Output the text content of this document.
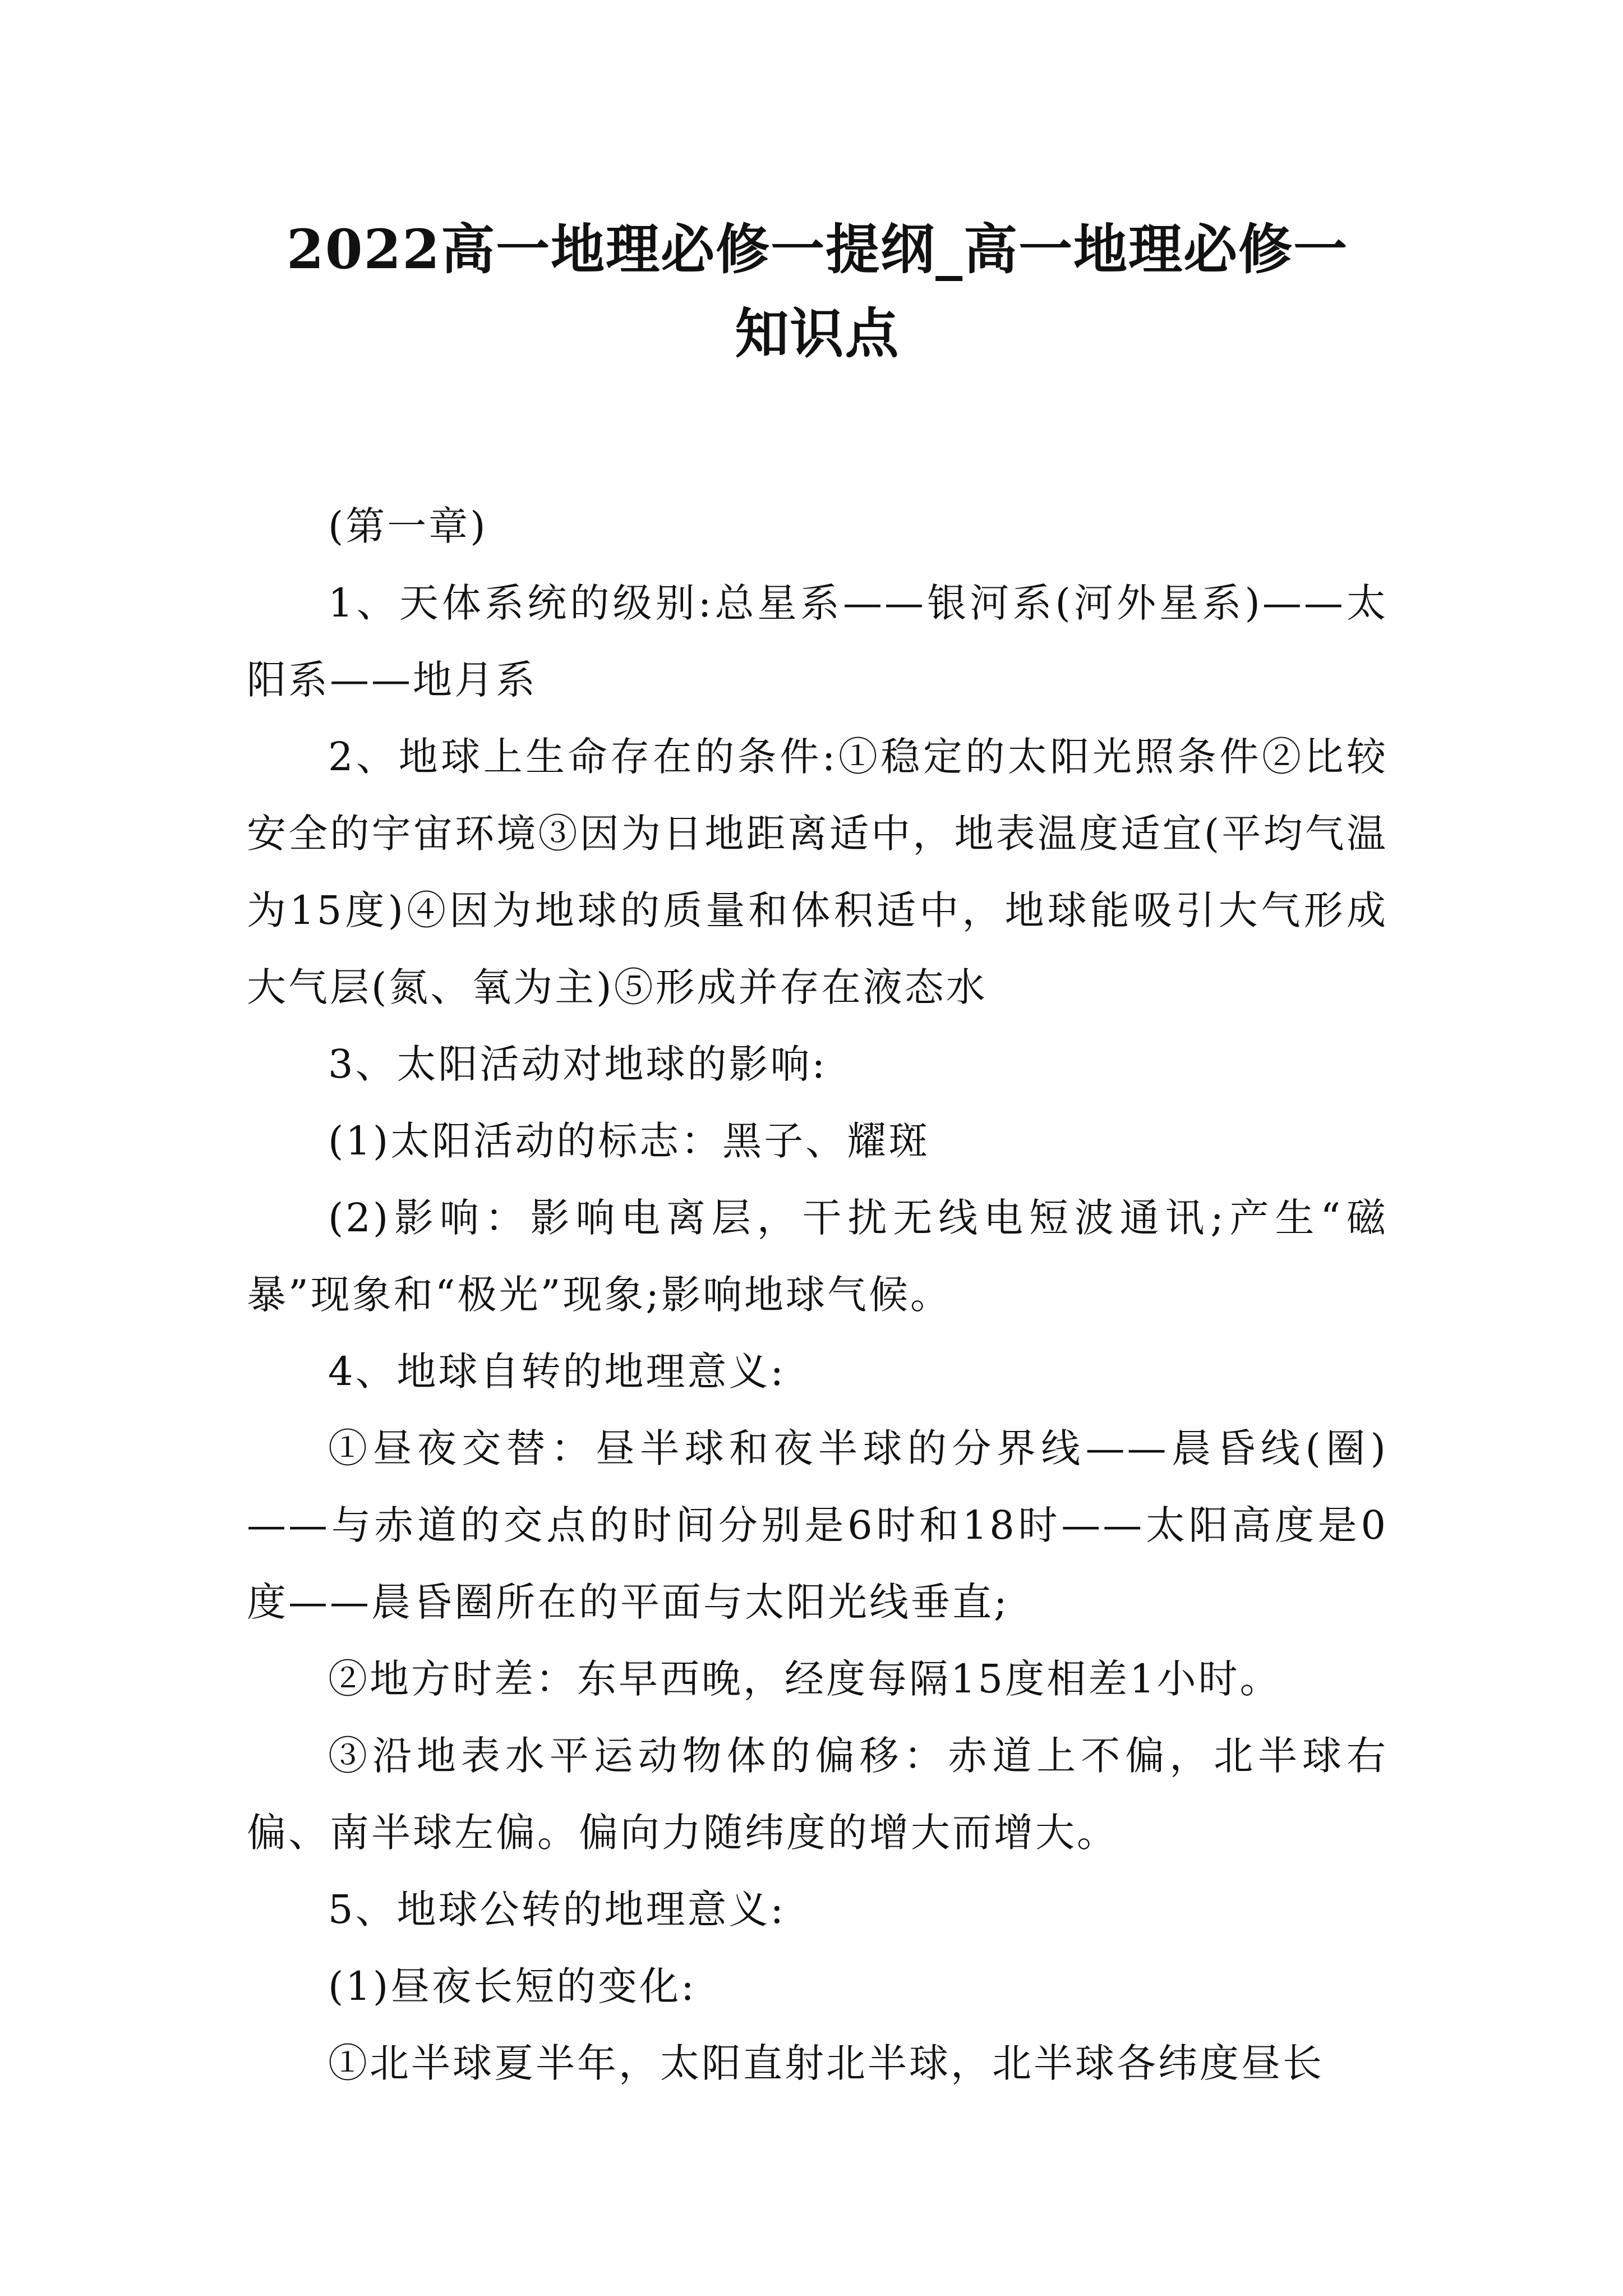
2022高一地理必修一提纲_高一地理必修一
知识点

(第一章)

1、天体系统的级别:总星系——银河系(河外星系)——太阳系——地月系

2、地球上生命存在的条件:①稳定的太阳光照条件②比较安全的宇宙环境③因为日地距离适中，地表温度适宜(平均气温为15度)④因为地球的质量和体积适中，地球能吸引大气形成大气层(氮、氧为主)⑤形成并存在液态水

3、太阳活动对地球的影响:

(1)太阳活动的标志：黑子、耀斑

(2)影响：影响电离层，干扰无线电短波通讯;产生“磁暴”现象和“极光”现象;影响地球气候。

4、地球自转的地理意义:

①昼夜交替：昼半球和夜半球的分界线——晨昏线(圈)——与赤道的交点的时间分别是6时和18时——太阳高度是0度——晨昏圈所在的平面与太阳光线垂直;

②地方时差：东早西晚，经度每隔15度相差1小时。

③沿地表水平运动物体的偏移：赤道上不偏，北半球右偏、南半球左偏。偏向力随纬度的增大而增大。

5、地球公转的地理意义:

(1)昼夜长短的变化:

①北半球夏半年，太阳直射北半球，北半球各纬度昼长
